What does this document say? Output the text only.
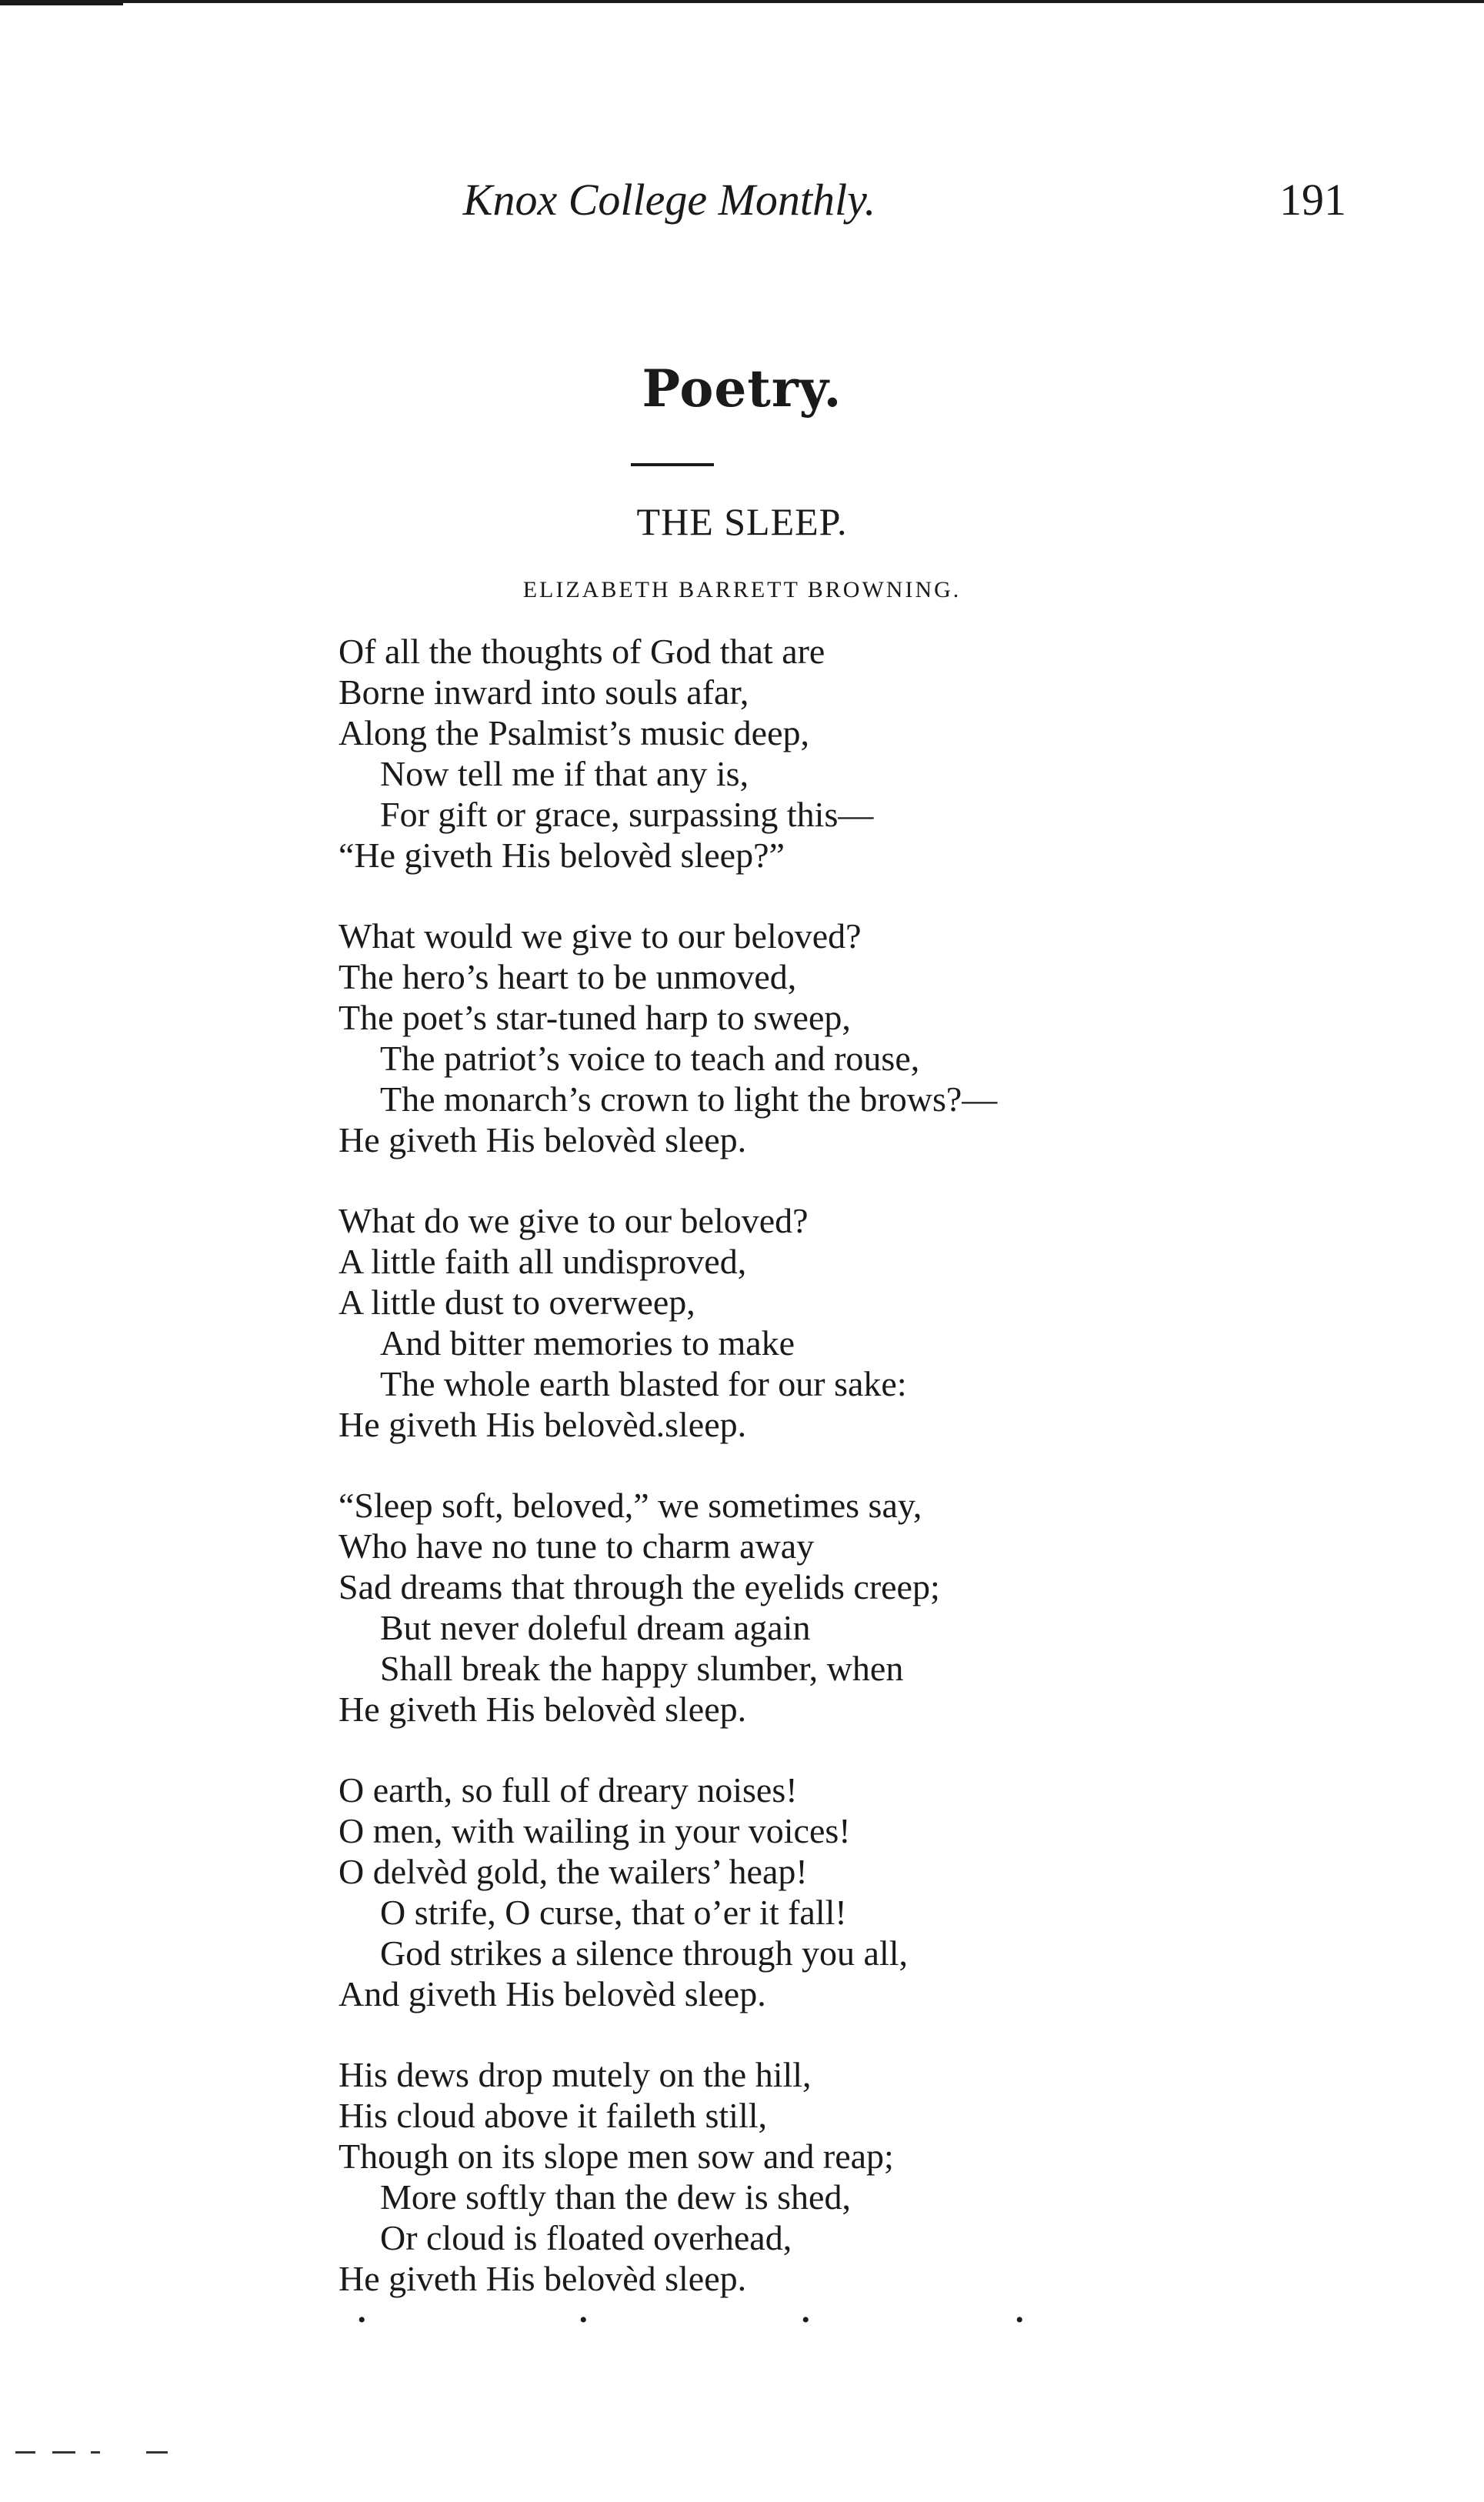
Knox College Monthly.	191
Poetry.
THE SLEEP.
ELIZABETH BARRETT BROWNING.
Of all the thoughts of God that are
Borne inward into souls afar,
Along the Psalmist’s music deep,
Now tell me if that any is,
For gift or grace, surpassing this—
“He giveth His belovèd sleep?”
What would we give to our beloved?
The hero’s heart to be unmoved,
The poet’s star-tuned harp to sweep,
The patriot’s voice to teach and rouse,
The monarch’s crown to light the brows?—
He giveth His belovèd sleep.
What do we give to our beloved?
A little faith all undisproved,
A little dust to overweep,
And bitter memories to make
The whole earth blasted for our sake:
He giveth His belovèd.sleep.
“Sleep soft, beloved,” we sometimes say,
Who have no tune to charm away
Sad dreams that through the eyelids creep;
But never doleful dream again
Shall break the happy slumber, when
He giveth His belovèd sleep.
O earth, so full of dreary noises!
O men, with wailing in your voices!
O delvèd gold, the wailers’ heap!
O strife, O curse, that o’er it fall!
God strikes a silence through you all,
And giveth His belovèd sleep.
His dews drop mutely on the hill,
His cloud above it faileth still,
Though on its slope men sow and reap;
More softly than the dew is shed,
Or cloud is floated overhead,
He giveth His belovèd sleep.
•	•	•	•
